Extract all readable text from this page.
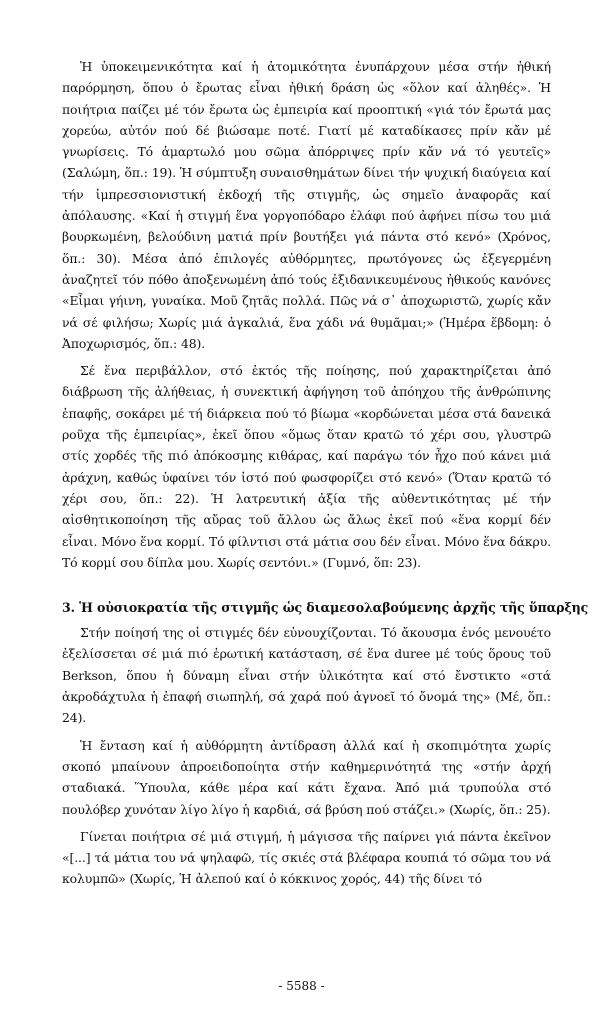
Ἡ ὑποκειμενικότητα καί ἡ ἀτομικότητα ἐνυπάρχουν μέσα στήν ἠθική παρόρμηση, ὅπου ὁ ἔρωτας εἶναι ἠθική δράση ὡς «ὅλον καί ἀληθές». Ἡ ποιήτρια παίζει μέ τόν ἔρωτα ὡς ἐμπειρία καί προοπτική «γιά τόν ἔρωτά μας χορεύω, αὐτόν πού δέ βιώσαμε ποτέ. Γιατί μέ καταδίκασες πρίν κἄν μέ γνωρίσεις. Τό ἁμαρτωλό μου σῶμα ἀπόρριψες πρίν κἄν νά τό γευτεῖς» (Σαλώμη, ὅπ.: 19). Ἡ σύμπτυξη συναισθημάτων δίνει τήν ψυχική διαύγεια καί τήν ἰμπρεσσιονιστική ἐκδοχή τῆς στιγμῆς, ὡς σημεῖο ἀναφορᾶς καί ἀπόλαυσης. «Καί ἡ στιγμή ἕνα γοργοπόδαρο ἐλάφι πού ἀφήνει πίσω του μιά βουρκωμένη, βελούδινη ματιά πρίν βουτήξει γιά πάντα στό κενό» (Χρόνος, ὅπ.: 30). Μέσα ἀπό ἐπιλογές αὐθόρμητες, πρωτόγονες ὡς ἐξεγερμένη ἀναζητεῖ τόν πόθο ἀποξενωμένη ἀπό τούς ἐξιδανικευμένους ἠθικούς κανόνες «Εἶμαι γήινη, γυναίκα. Μοῦ ζητᾶς πολλά. Πῶς νά σ᾽ ἀποχωριστῶ, χωρίς κἄν νά σέ φιλήσω; Χωρίς μιά ἀγκαλιά, ἕνα χάδι νά θυμᾶμαι;» (Ἡμέρα ἕβδομη: ὁ Ἀποχωρισμός, ὅπ.: 48).

Σέ ἕνα περιβάλλον, στό ἐκτός τῆς ποίησης, πού χαρακτηρίζεται ἀπό διάβρωση τῆς ἀλήθειας, ἡ συνεκτική ἀφήγηση τοῦ ἀπόηχου τῆς ἀνθρώπινης ἐπαφῆς, σοκάρει μέ τή διάρκεια πού τό βίωμα «κορδώνεται μέσα στά δανεικά ροῦχα τῆς ἐμπειρίας», ἐκεῖ ὅπου «ὅμως ὅταν κρατῶ τό χέρι σου, γλυστρῶ στίς χορδές τῆς πιό ἀπόκοσμης κιθάρας, καί παράγω τόν ἦχο πού κάνει μιά ἀράχνη, καθώς ὑφαίνει τόν ἱστό πού φωσφορίζει στό κενό» (Ὅταν κρατῶ τό χέρι σου, ὅπ.: 22). Ἡ λατρευτική ἀξία τῆς αὐθεντικότητας μέ τήν αἰσθητικοποίηση τῆς αὔρας τοῦ ἄλλου ὡς ἄλως ἐκεῖ πού «ἕνα κορμί δέν εἶναι. Μόνο ἕνα κορμί. Τό φίλντισι στά μάτια σου δέν εἶναι. Μόνο ἕνα δάκρυ. Τό κορμί σου δίπλα μου. Χωρίς σεντόνι.» (Γυμνό, ὅπ: 23).

3. Ἡ οὐσιοκρατία τῆς στιγμῆς ὡς διαμεσολαβούμενης ἀρχῆς τῆς ὕπαρξης

Στήν ποίησή της οἱ στιγμές δέν εὐνουχίζονται. Τό ἄκουσμα ἑνός μενουέτο ἐξελίσσεται σέ μιά πιό ἐρωτική κατάσταση, σέ ἕνα duree μέ τούς ὅρους τοῦ Berkson, ὅπου ἡ δύναμη εἶναι στήν ὑλικότητα καί στό ἔνστικτο «στά ἀκροδάχτυλα ἡ ἐπαφή σιωπηλή, σά χαρά πού ἀγνοεῖ τό ὄνομά της» (Μέ, ὅπ.: 24).

Ἡ ἔνταση καί ἡ αὐθόρμητη ἀντίδραση ἀλλά καί ἡ σκοπιμότητα χωρίς σκοπό μπαίνουν ἀπροειδοποίητα στήν καθημερινότητά της «στήν ἀρχή σταδιακά. Ὕπουλα, κάθε μέρα καί κάτι ἔχανα. Ἀπό μιά τρυπούλα στό πουλόβερ χυνόταν λίγο λίγο ἡ καρδιά, σά βρύση πού στάζει.» (Χωρίς, ὅπ.: 25).

Γίνεται ποιήτρια σέ μιά στιγμή, ἡ μάγισσα τῆς παίρνει γιά πάντα ἐκεῖνον «[...] τά μάτια του νά ψηλαφῶ, τίς σκιές στά βλέφαρα κουπιά τό σῶμα του νά κολυμπῶ» (Χωρίς, Ἡ ἀλεπού καί ὁ κόκκινος χορός, 44) τῆς δίνει τό

- 5588 -
